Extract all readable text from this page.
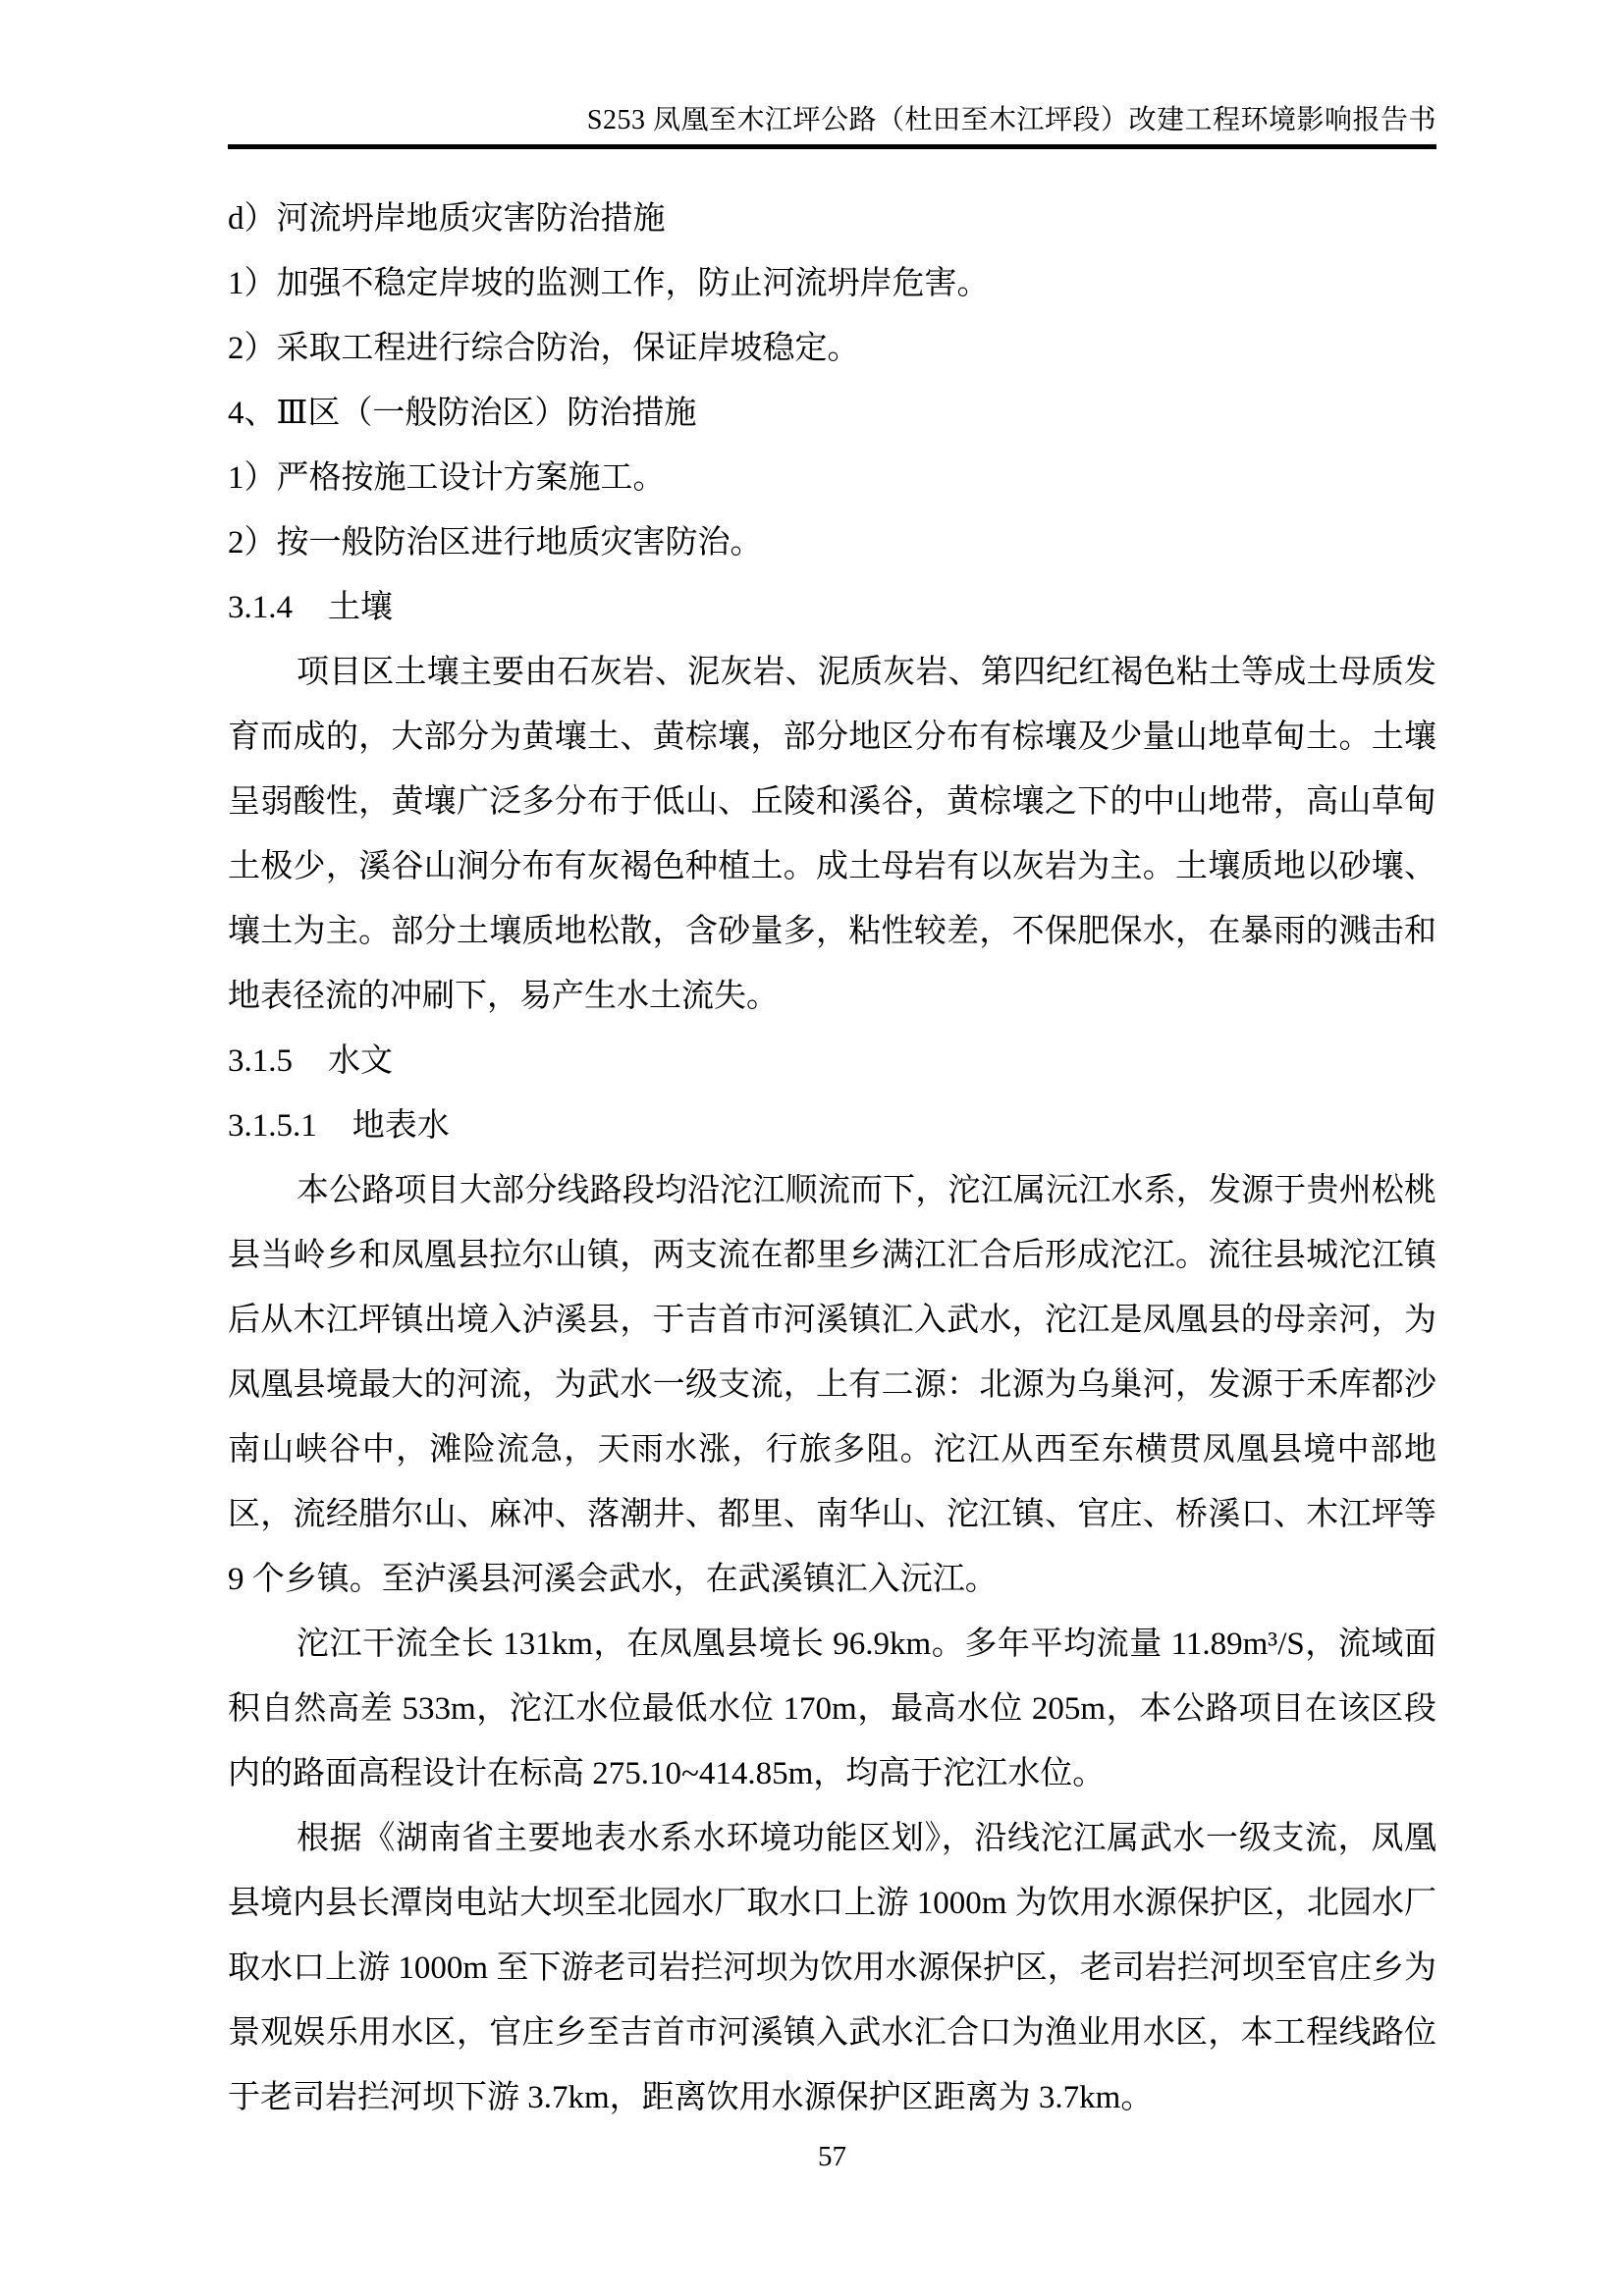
S253 凤凰至木江坪公路（杜田至木江坪段）改建工程环境影响报告书

d）河流坍岸地质灾害防治措施

1）加强不稳定岸坡的监测工作，防止河流坍岸危害。

2）采取工程进行综合防治，保证岸坡稳定。

4、Ⅲ区（一般防治区）防治措施

1）严格按施工设计方案施工。

2）按一般防治区进行地质灾害防治。

3.1.4 土壤

项目区土壤主要由石灰岩、泥灰岩、泥质灰岩、第四纪红褐色粘土等成土母质发育而成的，大部分为黄壤土、黄棕壤，部分地区分布有棕壤及少量山地草甸土。土壤呈弱酸性，黄壤广泛多分布于低山、丘陵和溪谷，黄棕壤之下的中山地带，高山草甸土极少，溪谷山涧分布有灰褐色种植土。成土母岩有以灰岩为主。土壤质地以砂壤、壤土为主。部分土壤质地松散，含砂量多，粘性较差，不保肥保水，在暴雨的溅击和地表径流的冲刷下，易产生水土流失。

3.1.5 水文
3.1.5.1 地表水

本公路项目大部分线路段均沿沱江顺流而下，沱江属沅江水系，发源于贵州松桃县当岭乡和凤凰县拉尔山镇，两支流在都里乡满江汇合后形成沱江。流往县城沱江镇后从木江坪镇出境入泸溪县，于吉首市河溪镇汇入武水，沱江是凤凰县的母亲河，为凤凰县境最大的河流，为武水一级支流，上有二源：北源为乌巢河，发源于禾库都沙南山峡谷中，滩险流急，天雨水涨，行旅多阻。沱江从西至东横贯凤凰县境中部地区，流经腊尔山、麻冲、落潮井、都里、南华山、沱江镇、官庄、桥溪口、木江坪等 9 个乡镇。至泸溪县河溪会武水，在武溪镇汇入沅江。

沱江干流全长 131km，在凤凰县境长 96.9km。多年平均流量 11.89m³/S，流域面积自然高差 533m，沱江水位最低水位 170m，最高水位 205m，本公路项目在该区段内的路面高程设计在标高 275.10~414.85m，均高于沱江水位。

根据《湖南省主要地表水系水环境功能区划》，沿线沱江属武水一级支流，凤凰县境内县长潭岗电站大坝至北园水厂取水口上游 1000m 为饮用水源保护区，北园水厂取水口上游 1000m 至下游老司岩拦河坝为饮用水源保护区，老司岩拦河坝至官庄乡为景观娱乐用水区，官庄乡至吉首市河溪镇入武水汇合口为渔业用水区，本工程线路位于老司岩拦河坝下游 3.7km，距离饮用水源保护区距离为 3.7km。

57
